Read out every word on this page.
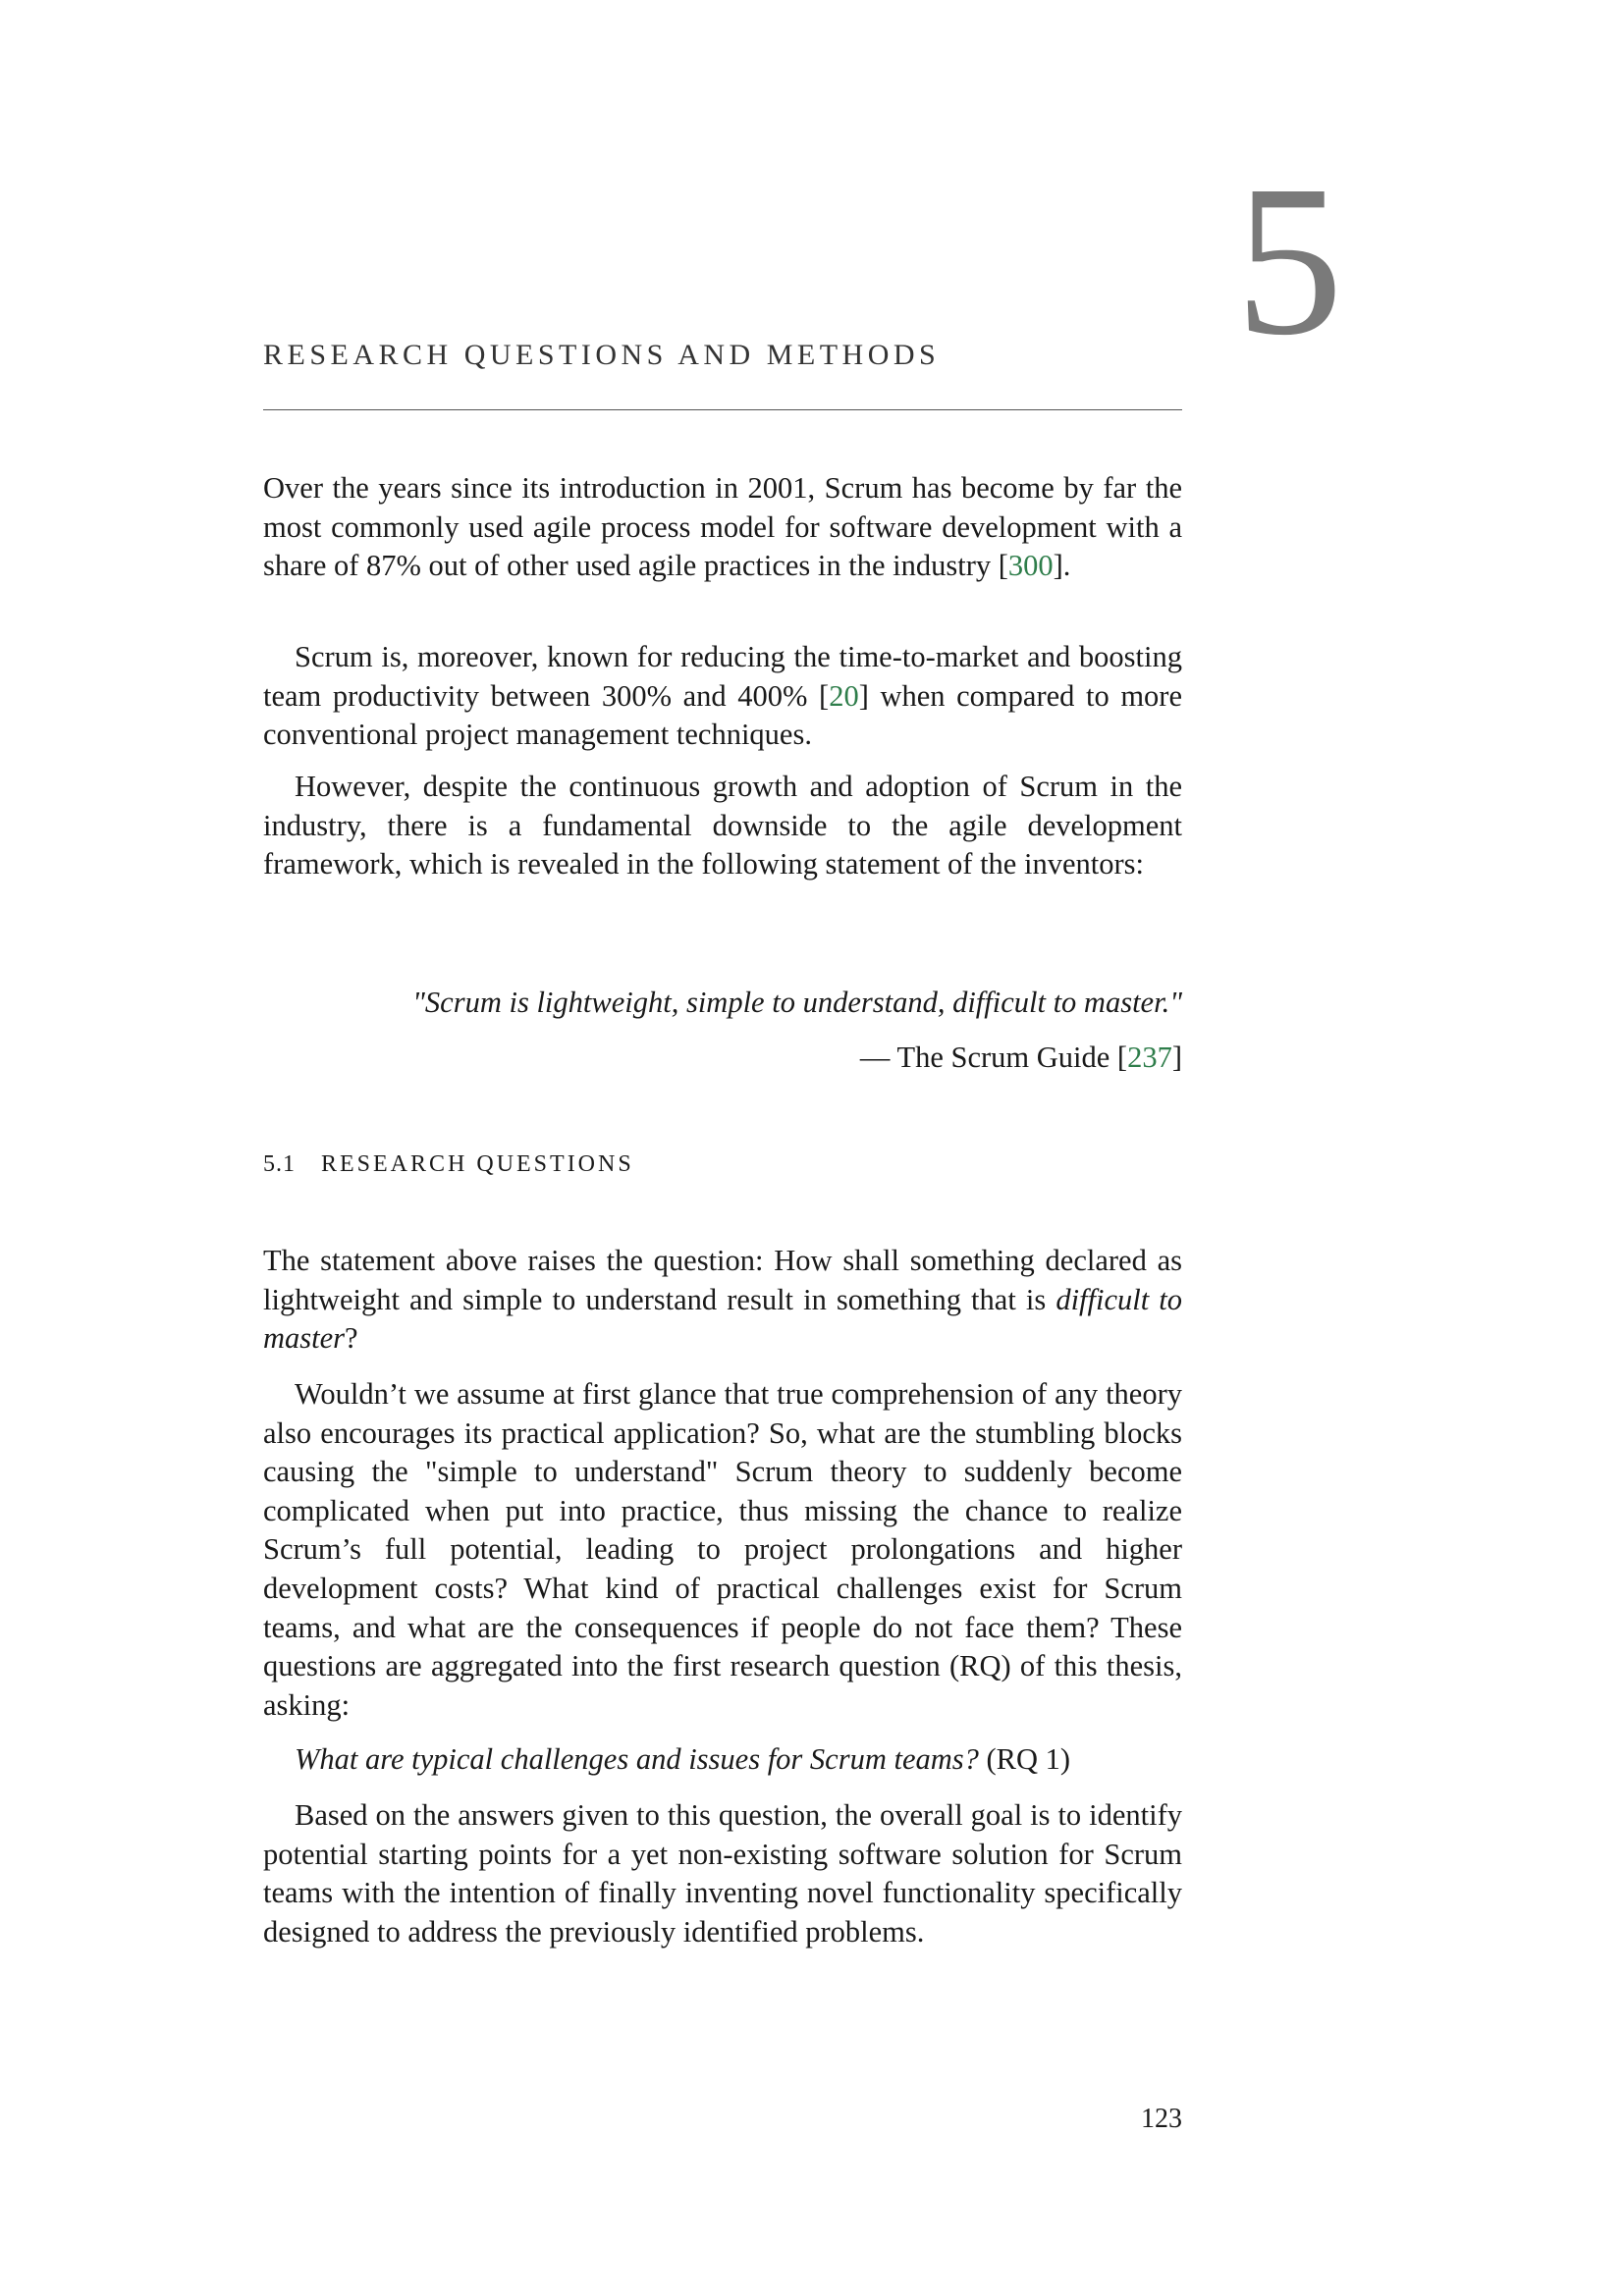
5
RESEARCH QUESTIONS AND METHODS

Over the years since its introduction in 2001, Scrum has become by far the most commonly used agile process model for software development with a share of 87% out of other used agile practices in the industry [300].

Scrum is, moreover, known for reducing the time-to-market and boosting team productivity between 300% and 400% [20] when compared to more conventional project management techniques.

However, despite the continuous growth and adoption of Scrum in the industry, there is a fundamental downside to the agile development framework, which is revealed in the following statement of the inventors:

"Scrum is lightweight, simple to understand, difficult to master."

— The Scrum Guide [237]

5.1 RESEARCH QUESTIONS

The statement above raises the question: How shall something declared as lightweight and simple to understand result in something that is difficult to master?

Wouldn’t we assume at first glance that true comprehension of any theory also encourages its practical application? So, what are the stumbling blocks causing the "simple to understand" Scrum theory to suddenly become complicated when put into practice, thus missing the chance to realize Scrum’s full potential, leading to project prolongations and higher development costs? What kind of practical challenges exist for Scrum teams, and what are the consequences if people do not face them? These questions are aggregated into the first research question (RQ) of this thesis, asking:

What are typical challenges and issues for Scrum teams? (RQ 1)

Based on the answers given to this question, the overall goal is to identify potential starting points for a yet non-existing software solution for Scrum teams with the intention of finally inventing novel functionality specifically designed to address the previously identified problems.

123
